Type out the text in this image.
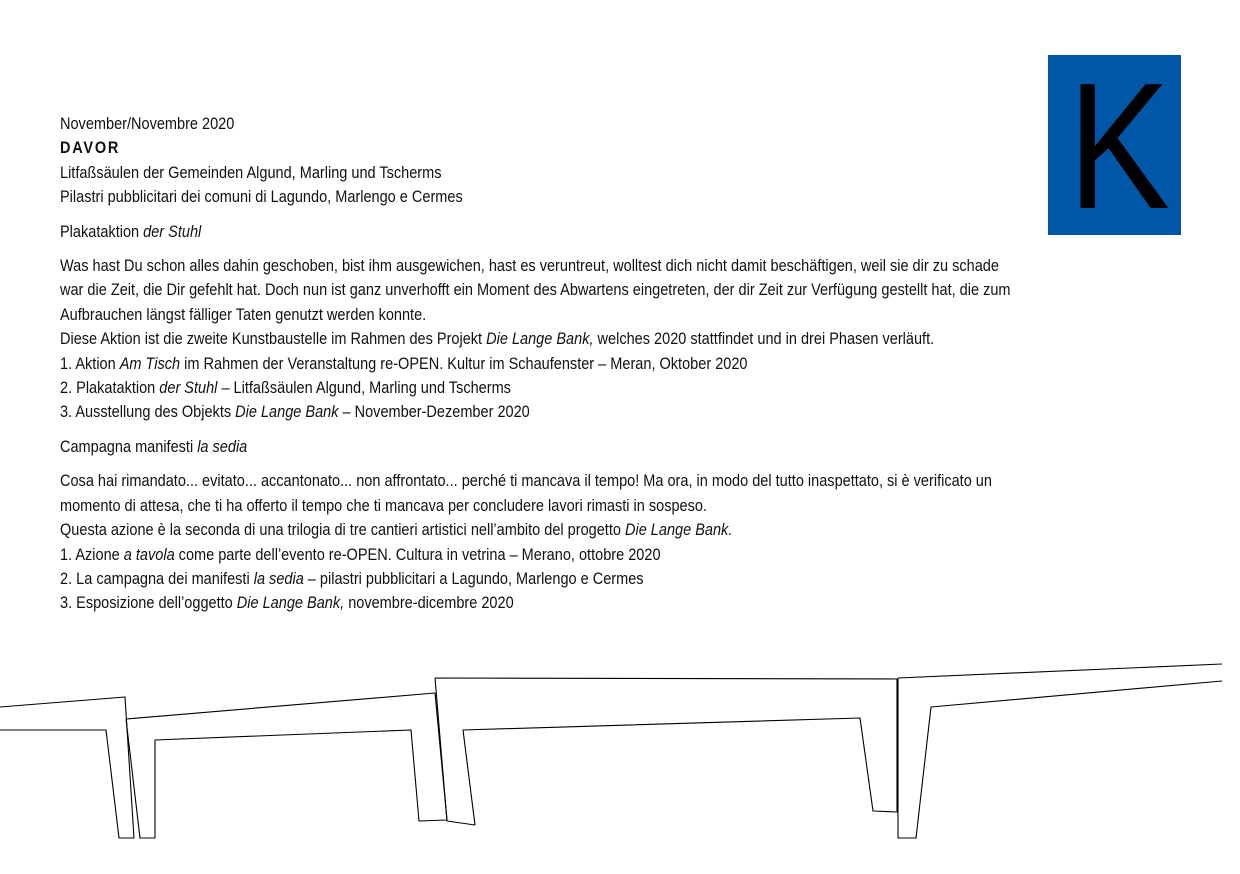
K
November/Novembre 2020
DAVOR
Litfaßsäulen der Gemeinden Algund, Marling und Tscherms
Pilastri pubblicitari dei comuni di Lagundo, Marlengo e Cermes
Plakataktion der Stuhl
Was hast Du schon alles dahin geschoben, bist ihm ausgewichen, hast es veruntreut, wolltest dich nicht damit beschäftigen, weil sie dir zu schade
war die Zeit, die Dir gefehlt hat. Doch nun ist ganz unverhofft ein Moment des Abwartens eingetreten, der dir Zeit zur Verfügung gestellt hat, die zum
Aufbrauchen längst fälliger Taten genutzt werden konnte.
Diese Aktion ist die zweite Kunstbaustelle im Rahmen des Projekt Die Lange Bank, welches 2020 stattfindet und in drei Phasen verläuft.
1. Aktion Am Tisch im Rahmen der Veranstaltung re-OPEN. Kultur im Schaufenster – Meran, Oktober 2020
2. Plakataktion der Stuhl – Litfaßsäulen Algund, Marling und Tscherms
3. Ausstellung des Objekts Die Lange Bank – November-Dezember 2020
Campagna manifesti la sedia
Cosa hai rimandato... evitato... accantonato... non affrontato... perché ti mancava il tempo! Ma ora, in modo del tutto inaspettato, si è verificato un
momento di attesa, che ti ha offerto il tempo che ti mancava per concludere lavori rimasti in sospeso.
Questa azione è la seconda di una trilogia di tre cantieri artistici nell’ambito del progetto Die Lange Bank.
1. Azione a tavola come parte dell’evento re-OPEN. Cultura in vetrina – Merano, ottobre 2020
2. La campagna dei manifesti la sedia – pilastri pubblicitari a Lagundo, Marlengo e Cermes
3. Esposizione dell’oggetto Die Lange Bank, novembre-dicembre 2020
